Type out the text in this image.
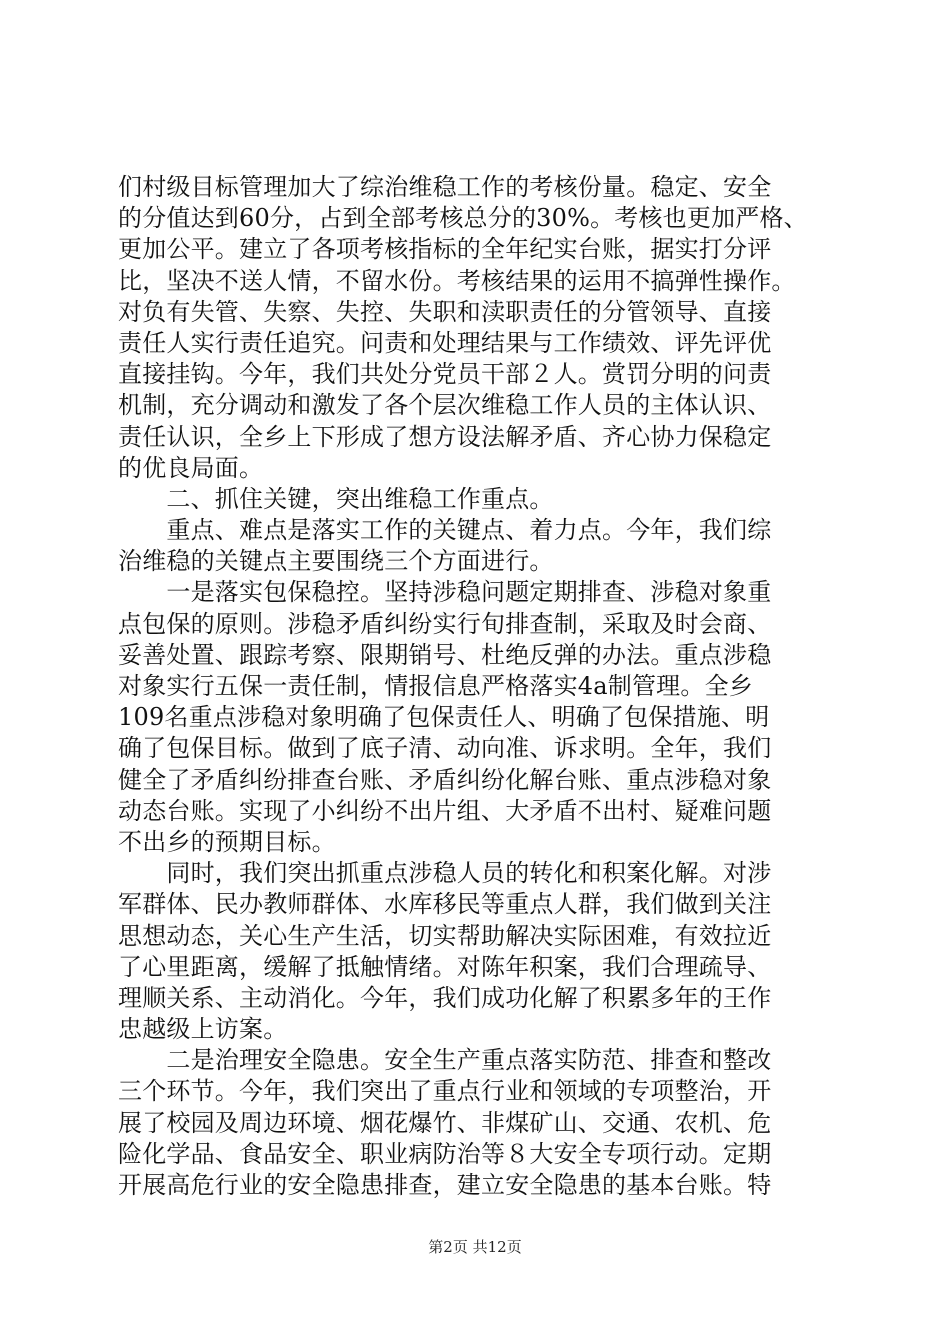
们村级目标管理加大了综治维稳工作的考核份量。稳定、安全
的分值达到60分，占到全部考核总分的30%。考核也更加严格、
更加公平。建立了各项考核指标的全年纪实台账，据实打分评
比，坚决不送人情，不留水份。考核结果的运用不搞弹性操作。
对负有失管、失察、失控、失职和渎职责任的分管领导、直接
责任人实行责任追究。问责和处理结果与工作绩效、评先评优
直接挂钩。今年，我们共处分党员干部２人。赏罚分明的问责
机制，充分调动和激发了各个层次维稳工作人员的主体认识、
责任认识，全乡上下形成了想方设法解矛盾、齐心协力保稳定
的优良局面。
　　二、抓住关键，突出维稳工作重点。
　　重点、难点是落实工作的关键点、着力点。今年，我们综
治维稳的关键点主要围绕三个方面进行。
　　一是落实包保稳控。坚持涉稳问题定期排查、涉稳对象重
点包保的原则。涉稳矛盾纠纷实行旬排查制，采取及时会商、
妥善处置、跟踪考察、限期销号、杜绝反弹的办法。重点涉稳
对象实行五保一责任制，情报信息严格落实4a制管理。全乡
109名重点涉稳对象明确了包保责任人、明确了包保措施、明
确了包保目标。做到了底子清、动向准、诉求明。全年，我们
健全了矛盾纠纷排查台账、矛盾纠纷化解台账、重点涉稳对象
动态台账。实现了小纠纷不出片组、大矛盾不出村、疑难问题
不出乡的预期目标。
　　同时，我们突出抓重点涉稳人员的转化和积案化解。对涉
军群体、民办教师群体、水库移民等重点人群，我们做到关注
思想动态，关心生产生活，切实帮助解决实际困难，有效拉近
了心里距离，缓解了抵触情绪。对陈年积案，我们合理疏导、
理顺关系、主动消化。今年，我们成功化解了积累多年的王作
忠越级上访案。
　　二是治理安全隐患。安全生产重点落实防范、排查和整改
三个环节。今年，我们突出了重点行业和领域的专项整治，开
展了校园及周边环境、烟花爆竹、非煤矿山、交通、农机、危
险化学品、食品安全、职业病防治等８大安全专项行动。定期
开展高危行业的安全隐患排查，建立安全隐患的基本台账。特
第2页 共12页
